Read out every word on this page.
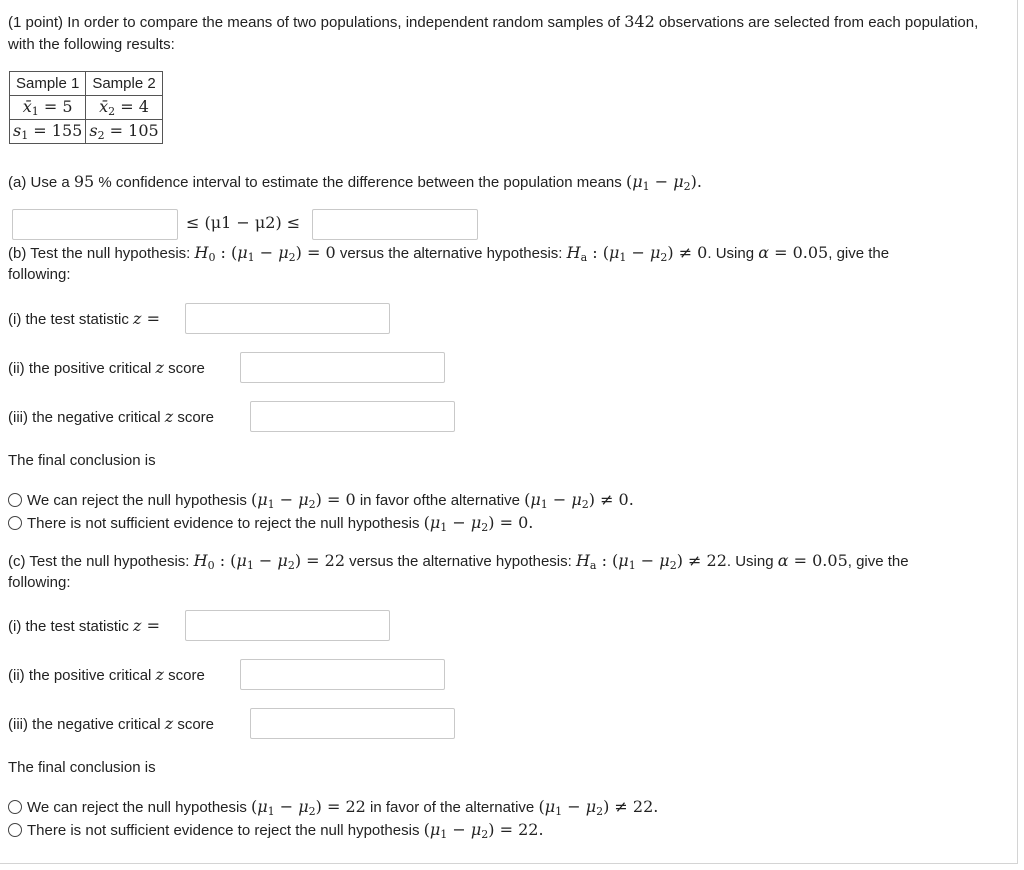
(1 point) In order to compare the means of two populations, independent random samples of 342 observations are selected from each population, with the following results:
Sample 1	Sample 2
$x̄_1 = 5$	$x̄_2 = 4$
$s_1 = 155$	$s_2 = 105$
(a) Use a 95 % confidence interval to estimate the difference between the population means $(\mu_1 - \mu_2)$.
≤ (μ1 − μ2) ≤
(b) Test the null hypothesis: $H_0$ : $(\mu_1 - \mu_2) = 0$ versus the alternative hypothesis: $H_a$ : $(\mu_1 - \mu_2) \ne 0$. Using α = 0.05, give the
following:
(i) the test statistic z =
(ii) the positive critical z score
(iii) the negative critical z score
The final conclusion is
We can reject the null hypothesis $(\mu_1 - \mu_2) = 0$ in favor ofthe alternative $(\mu_1 - \mu_2) \ne 0$.
There is not sufficient evidence to reject the null hypothesis $(\mu_1 - \mu_2) = 0$.
(c) Test the null hypothesis: $H_0$ : $(\mu_1 - \mu_2) = 22$ versus the alternative hypothesis: $H_a$ : $(\mu_1 - \mu_2) \ne 22$. Using α = 0.05, give the
following:
(i) the test statistic z =
(ii) the positive critical z score
(iii) the negative critical z score
The final conclusion is
We can reject the null hypothesis $(\mu_1 - \mu_2) = 22$ in favor of the alternative $(\mu_1 - \mu_2) \ne 22$.
There is not sufficient evidence to reject the null hypothesis $(\mu_1 - \mu_2) = 22$.
